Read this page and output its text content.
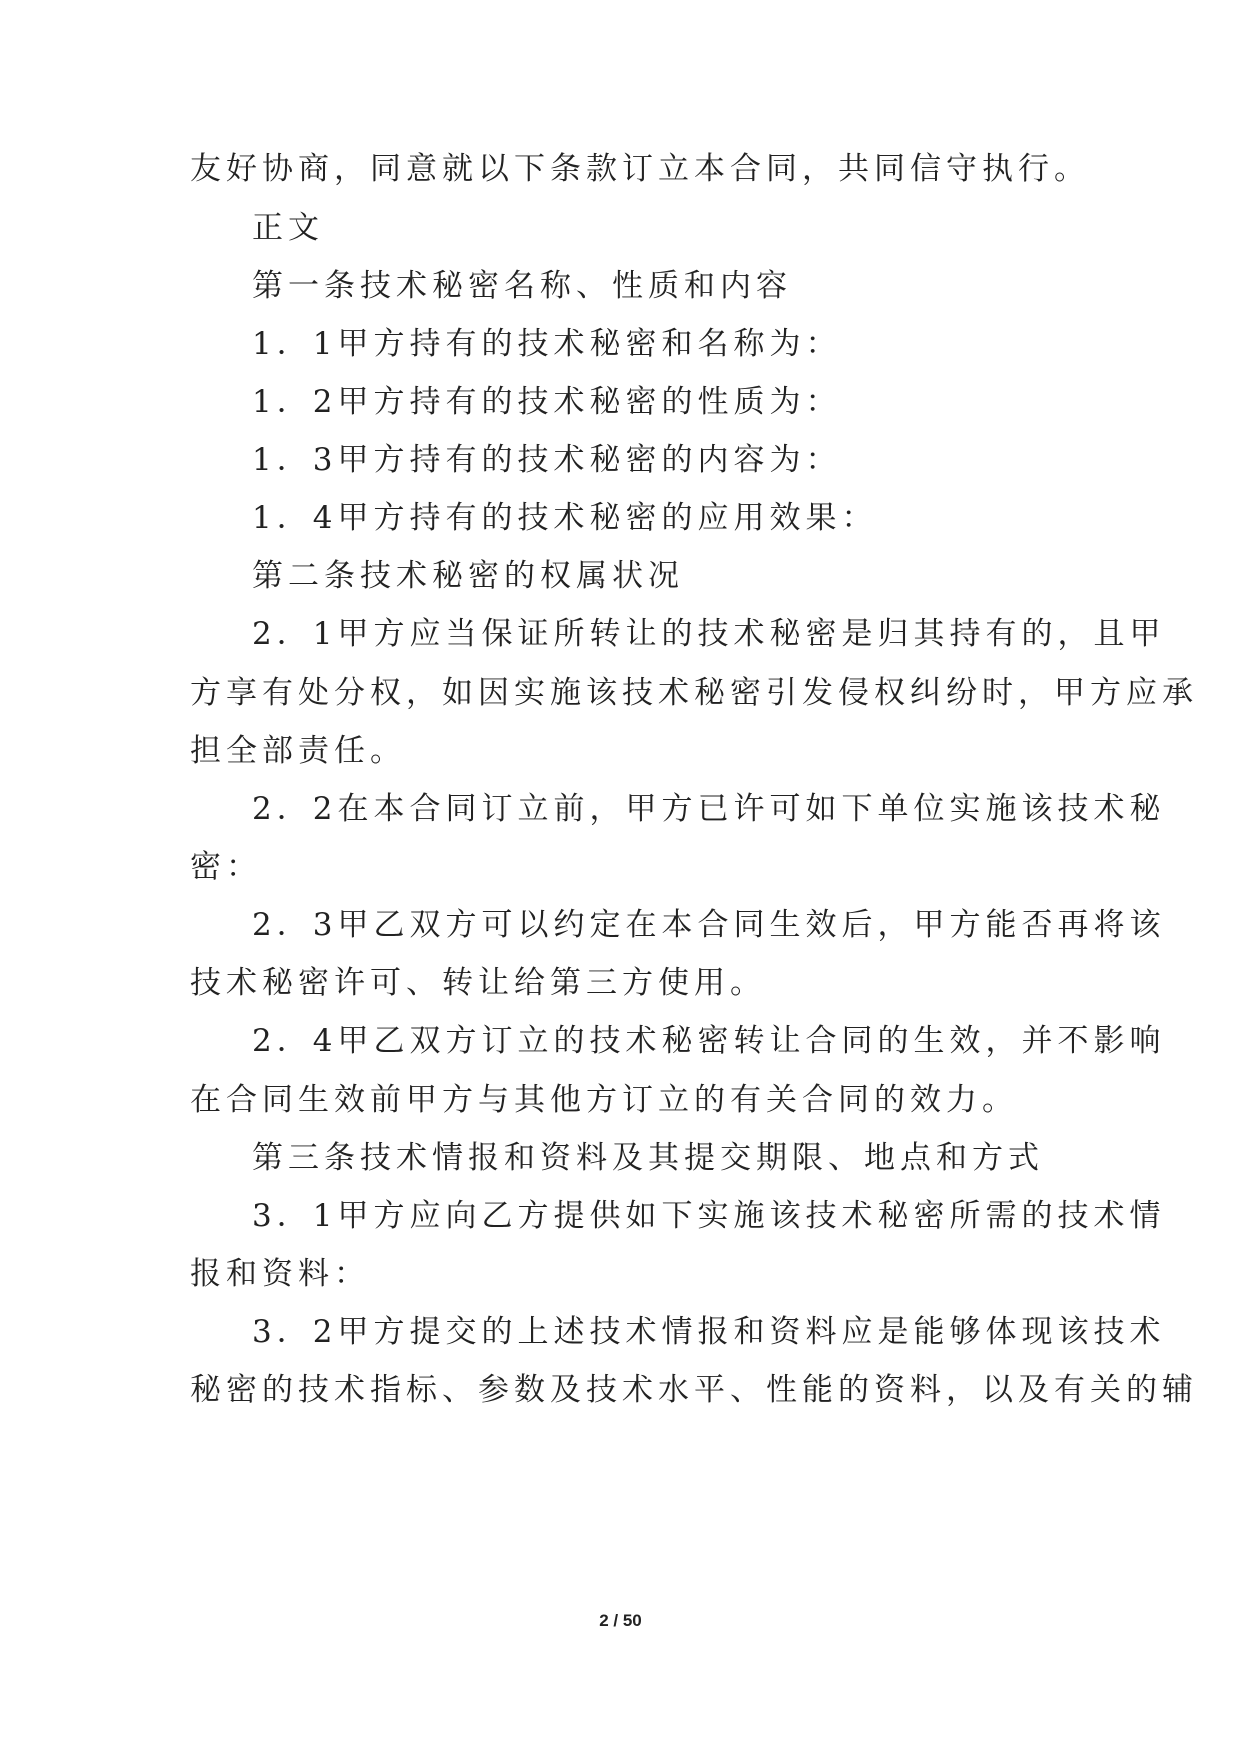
友好协商，同意就以下条款订立本合同，共同信守执行。
正文
第一条技术秘密名称、性质和内容
1．1甲方持有的技术秘密和名称为：
1．2甲方持有的技术秘密的性质为：
1．3甲方持有的技术秘密的内容为：
1．4甲方持有的技术秘密的应用效果：
第二条技术秘密的权属状况
2．1甲方应当保证所转让的技术秘密是归其持有的，且甲
方享有处分权，如因实施该技术秘密引发侵权纠纷时，甲方应承
担全部责任。
2．2在本合同订立前，甲方已许可如下单位实施该技术秘
密：
2．3甲乙双方可以约定在本合同生效后，甲方能否再将该
技术秘密许可、转让给第三方使用。
2．4甲乙双方订立的技术秘密转让合同的生效，并不影响
在合同生效前甲方与其他方订立的有关合同的效力。
第三条技术情报和资料及其提交期限、地点和方式
3．1甲方应向乙方提供如下实施该技术秘密所需的技术情
报和资料：
3．2甲方提交的上述技术情报和资料应是能够体现该技术
秘密的技术指标、参数及技术水平、性能的资料，以及有关的辅
2 / 50
